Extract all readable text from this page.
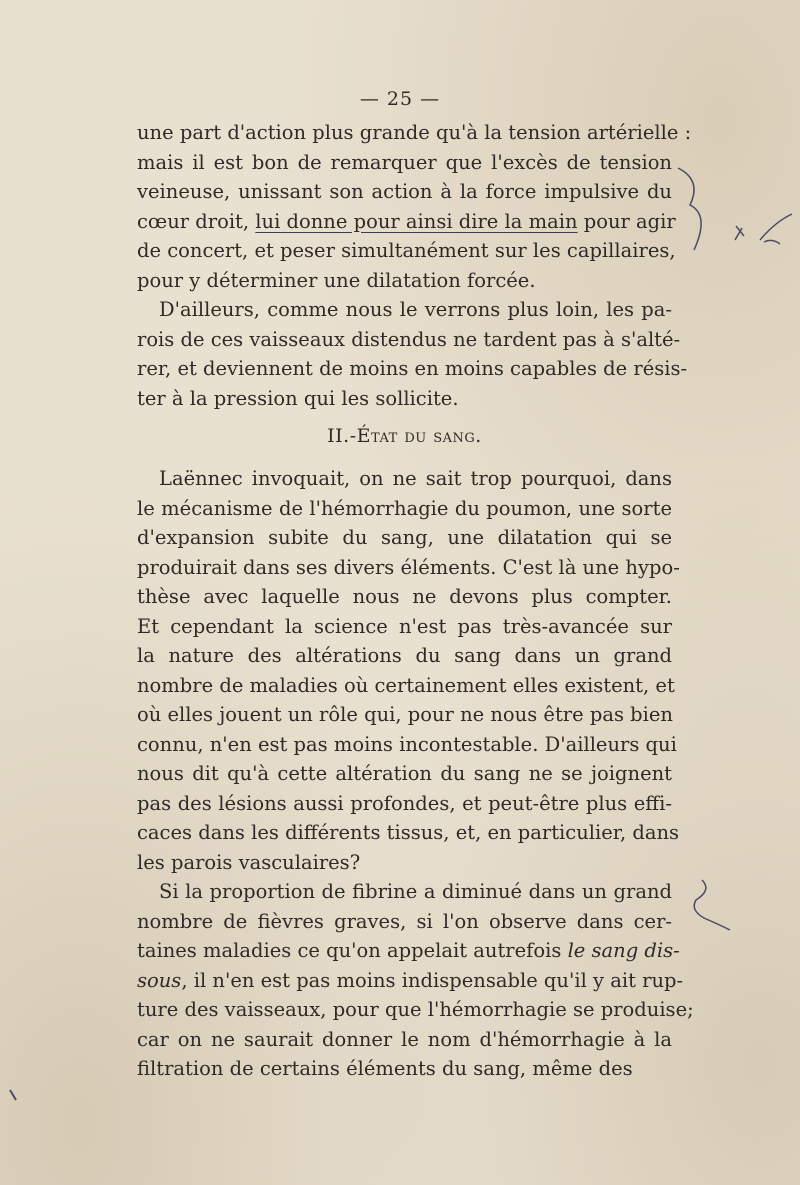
— 25 —
une part d'action plus grande qu'à la tension artérielle :
mais il est bon de remarquer que l'excès de tension
veineuse, unissant son action à la force impulsive du
cœur droit, lui donne pour ainsi dire la main pour agir
de concert, et peser simultanément sur les capillaires,
pour y déterminer une dilatation forcée.
D'ailleurs, comme nous le verrons plus loin, les pa-
rois de ces vaisseaux distendus ne tardent pas à s'alté-
rer, et deviennent de moins en moins capables de résis-
ter à la pression qui les sollicite.
II.-État du sang.
Laënnec invoquait, on ne sait trop pourquoi, dans
le mécanisme de l'hémorrhagie du poumon, une sorte
d'expansion subite du sang, une dilatation qui se
produirait dans ses divers éléments. C'est là une hypo-
thèse avec laquelle nous ne devons plus compter.
Et cependant la science n'est pas très-avancée sur
la nature des altérations du sang dans un grand
nombre de maladies où certainement elles existent, et
où elles jouent un rôle qui, pour ne nous être pas bien
connu, n'en est pas moins incontestable. D'ailleurs qui
nous dit qu'à cette altération du sang ne se joignent
pas des lésions aussi profondes, et peut-être plus effi-
caces dans les différents tissus, et, en particulier, dans
les parois vasculaires?
Si la proportion de fibrine a diminué dans un grand
nombre de fièvres graves, si l'on observe dans cer-
taines maladies ce qu'on appelait autrefois le sang dis-
sous, il n'en est pas moins indispensable qu'il y ait rup-
ture des vaisseaux, pour que l'hémorrhagie se produise;
car on ne saurait donner le nom d'hémorrhagie à la
filtration de certains éléments du sang, même des
